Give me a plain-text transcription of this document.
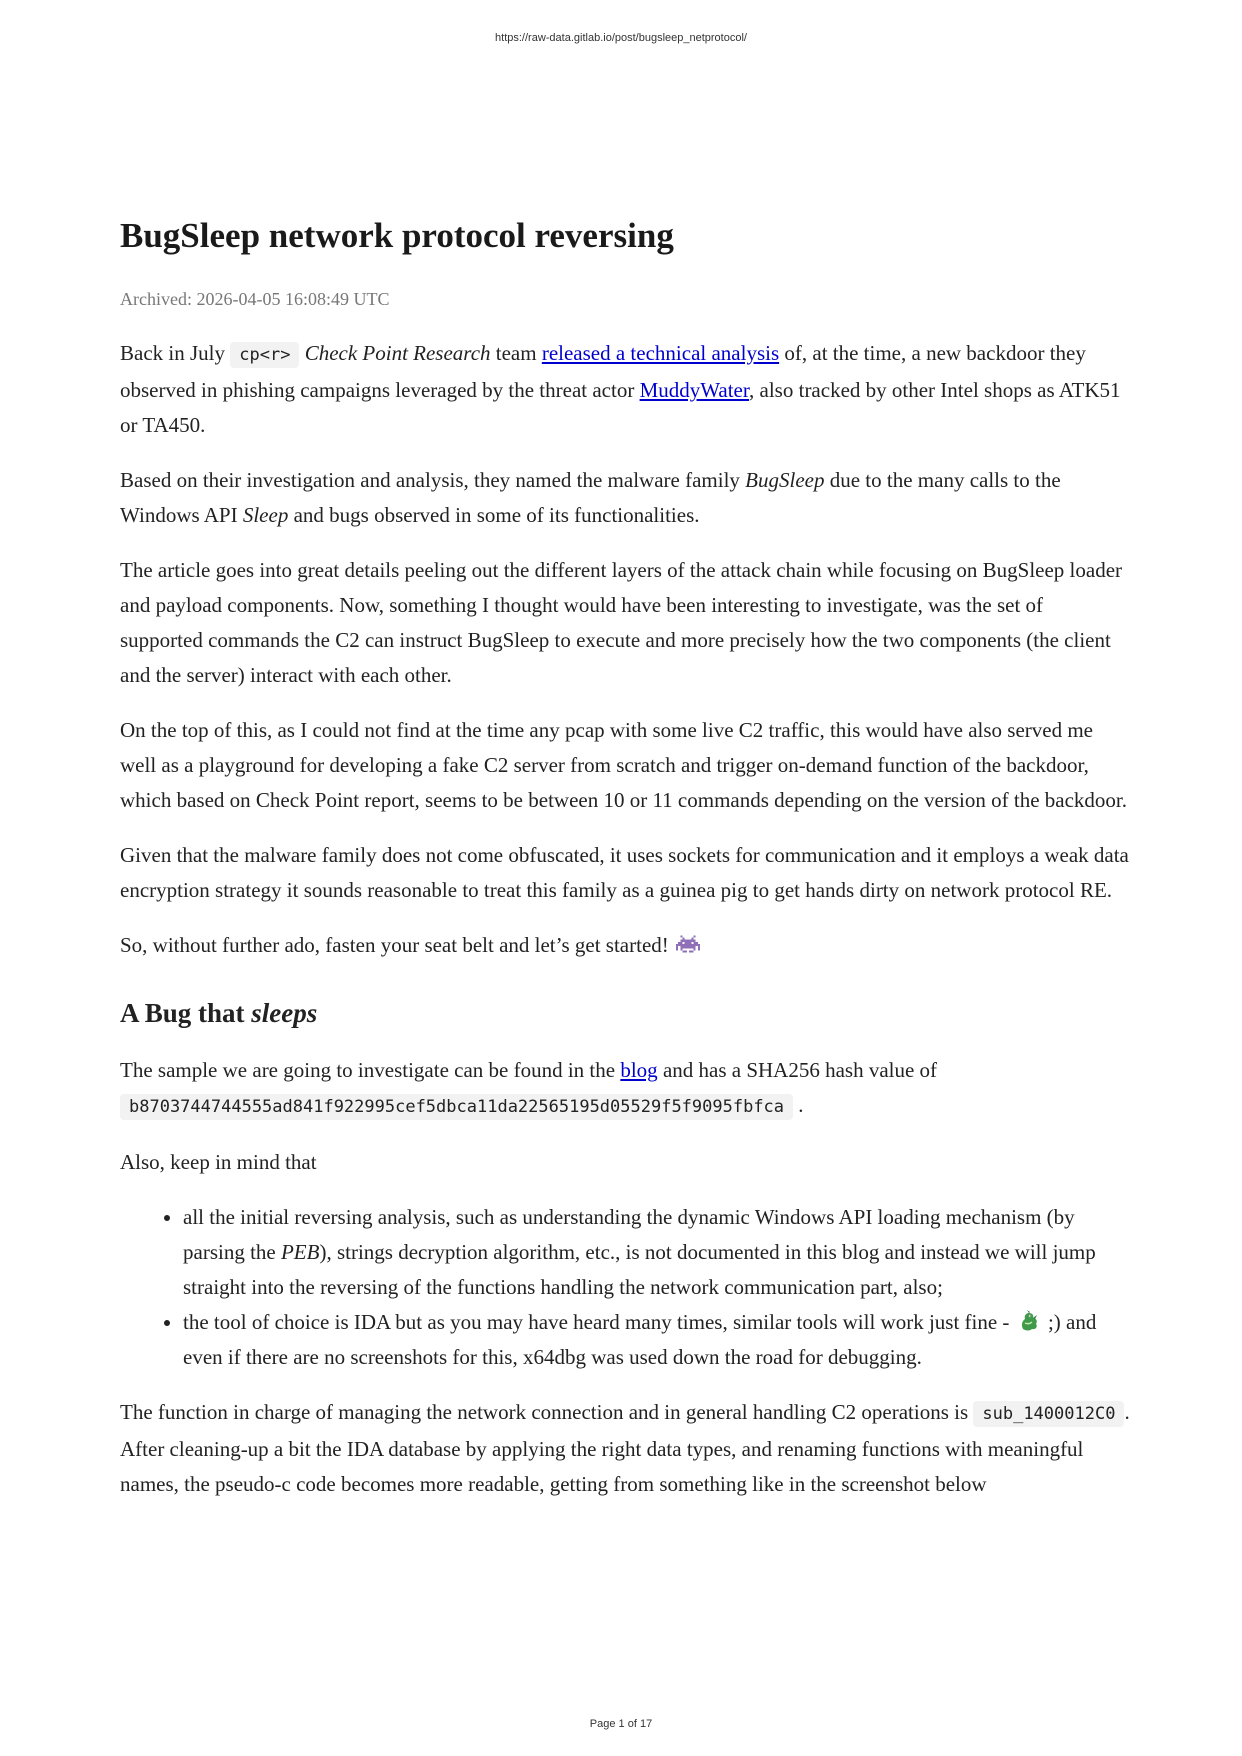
https://raw-data.gitlab.io/post/bugsleep_netprotocol/
BugSleep network protocol reversing
Archived: 2026-04-05 16:08:49 UTC

Back in July cp<r> Check Point Research team released a technical analysis of, at the time, a new backdoor they observed in phishing campaigns leveraged by the threat actor MuddyWater, also tracked by other Intel shops as ATK51 or TA450.

Based on their investigation and analysis, they named the malware family BugSleep due to the many calls to the Windows API Sleep and bugs observed in some of its functionalities.

The article goes into great details peeling out the different layers of the attack chain while focusing on BugSleep loader and payload components. Now, something I thought would have been interesting to investigate, was the set of supported commands the C2 can instruct BugSleep to execute and more precisely how the two components (the client and the server) interact with each other.

On the top of this, as I could not find at the time any pcap with some live C2 traffic, this would have also served me well as a playground for developing a fake C2 server from scratch and trigger on-demand function of the backdoor, which based on Check Point report, seems to be between 10 or 11 commands depending on the version of the backdoor.

Given that the malware family does not come obfuscated, it uses sockets for communication and it employs a weak data encryption strategy it sounds reasonable to treat this family as a guinea pig to get hands dirty on network protocol RE.

So, without further ado, fasten your seat belt and let’s get started!

A Bug that sleeps

The sample we are going to investigate can be found in the blog and has a SHA256 hash value of b8703744744555ad841f922995cef5dbca11da22565195d05529f5f9095fbfca .

Also, keep in mind that

• all the initial reversing analysis, such as understanding the dynamic Windows API loading mechanism (by parsing the PEB), strings decryption algorithm, etc., is not documented in this blog and instead we will jump straight into the reversing of the functions handling the network communication part, also;
• the tool of choice is IDA but as you may have heard many times, similar tools will work just fine -  ;) and even if there are no screenshots for this, x64dbg was used down the road for debugging.

The function in charge of managing the network connection and in general handling C2 operations is sub_1400012C0 . After cleaning-up a bit the IDA database by applying the right data types, and renaming functions with meaningful names, the pseudo-c code becomes more readable, getting from something like in the screenshot below

Page 1 of 17
